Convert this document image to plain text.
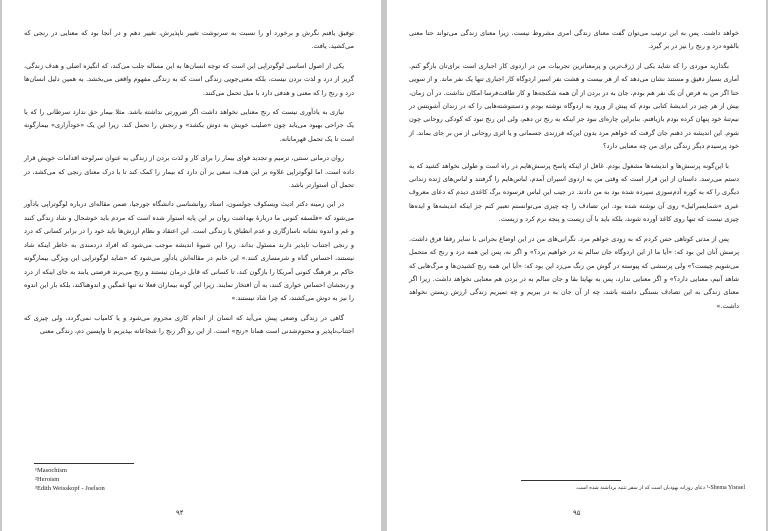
توفیق یافتم نگرش و برخورد او را نسبت به سرنوشت تغییر ناپذیرش، تغییر دهم و در آنجا بود که معنایی در رنجی که می‌کشید، یافت.

یکی از اصول اساسی لوگوتراپی این است که توجه انسان‌ها به این مساله جلب می‌کند، که انگیزه اصلی و هدف زندگی، گریز از درد و لذت بردن نیست، بلکه معنی‌جویی زندگی است که به زندگی مفهوم واقعی می‌بخشد. به همین دلیل انسان‌ها درد و رنج را که معنی و هدفی دارد با میل تحمل می‌کنند.

نیازی به یادآوری نیست که رنج معنایی نخواهد داشت اگر ضرورتی نداشته باشد. مثلا بیمار حق ندارد سرطانی را که با یک جراحی بهبود می‌یابد چون «صلیب خویش به دوش بکشد» و رنجش را تحمل کند. زیرا این یک «خودآزاری» بیمارگونه است تا یک تحمل قهرمانانه.

روان درمانی سنتی، ترمیم و تجدید قوای بیمار را برای کار و لذت بردن از زندگی به عنوان سرلوحه اقدامات خویش قرار داده است. اما لوگوتراپی علاوه بر این هدف، سعی بر آن دارد که بیمار را کمک کند تا با درک معنای رنجی که می‌کشد، در تحمل آن استوارتر باشد.

در این زمینه دکتر ادیث ویسکوف جولسون، استاد روانشناسی دانشگاه جورجیا، ضمن مقاله‌ای درباره لوگوتراپی یادآور می‌شود که «فلسفه کنونی ما دربارهٔ بهداشت روان بر این پایه استوار شده است که مردم باید خوشحال و شاد زندگی کنند و غم و اندوه نشانه ناسازگاری و عدم انطباق با زندگی است. این اعتقاد و نظام ارزش‌ها باید خود را در برابر کسانی که درد و رنجی اجتناب ناپذیر دارند مسئول بداند. زیرا این شیوهٔ اندیشه موجب می‌شود که افراد دردمندی به خاطر اینکه شاد نیستند، احساس گناه و شرمساری کنند.» این خانم در مقاله‌اش یادآور می‌شود که «شاید لوگوتراپی این ویژگی بیمارگونه حاکم بر فرهنگ کنونی آمریکا را بازگون کند، تا کسانی که قابل درمان نیستند و رنج می‌برند فرصتی یابند به جای اینکه از درد و رنجشان احساس خواری کنند، به آن افتخار نمایند. زیرا این گونه بیماران فعلا نه تنها غمگین و اندوهناکند، بلکه بار این اندوه را نیز به دوش می‌کشند، که چرا شاد نیستند.»

گاهی در زندگی وضعی پیش می‌آید که انسان از انجام کاری محروم می‌شود و یا کامیاب نمی‌گردد، ولی چیزی که اجتناب‌ناپذیر و محتوم‌شدنی است همانا «رنج» است. از این رو اگر رنج را شجاعانه بپذیریم تا واپسین دم، زندگی معنی

¹Masochism
²Heroism
³Edith Weisskopf - Joelson
۹۴

خواهد داشت. پس به این ترتیب می‌توان گفت معنای زندگی امری مشروط نیست، زیرا معنای زندگی می‌تواند حتا معنی بالقوه درد و رنج را نیز در بر گیرد.

بگذارید موردی را که شاید یکی از ژرف‌ترین و پرمعناترین تجربیات من در اردوی کار اجباری است برای‌تان بازگو کنم. آماری بسیار دقیق و مستند نشان می‌دهد که از هر بیست و هشت نفر اسیر اردوگاه کار اجباری تنها یک نفر ماند. و از سویی حتا اگر من به فرض آن یک نفر هم بودم، جان به در بردن از آن همه شکنجه‌ها و کار طاقت‌فرسا امکان نداشت. در آن زمان، بیش از هر چیز در اندیشهٔ کتابی بودم که پیش از ورود به اردوگاه نوشته بودم و دستنوشته‌هایی را که در زندان آشویتس در نیم‌تنهٔ خود پنهان کرده بودم بازیافتم. بنابراین چاره‌ای نبود جز اینکه به رنج تن دهم، ولی این رنج نبود که کودکی روحانی چون شوم. این اندیشه در ذهنم جان گرفت که خواهم مرد بدون این‌که فرزندی جسمانی و یا اثری روحانی از من بر جای بماند. از خود پرسیدم دیگر زندگی برای من چه معنایی دارد؟

با این‌گونه پرسش‌ها و اندیشه‌ها مشغول بودم. غافل از اینکه پاسخ پرسش‌هایم در راه است و طولی نخواهد کشید که به دستم می‌رسد. داستان از این قرار است که وقتی من به اردوی اسیران آمدم، لباس‌هایم را گرفتند و لباس‌های ژنده زندانی دیگری را که به کوره آدم‌سوزی سپرده شده بود به من دادند. در جیب این لباس فرسوده برگ کاغذی دیدم که دعای معروف عبری «شما‌یسرائیل» روی آن نوشته شده بود. این تصادف را چه چیزی می‌توانستم تعبیر کنم جز اینکه اندیشه‌ها و ایده‌ها چیزی نیست که تنها روی کاغذ آورده شوند، بلکه باید با آن زیست و پنجه نرم کرد و زیست.

پس از مدتی کوتاهی حس کردم که به زودی خواهم مرد. نگرانی‌های من در این اوضاع بحرانی با سایر رفقا فرق داشت. پرسش آنان این بود که: «آیا ما از این اردوگاه جان سالم به در خواهیم برد؟» و اگر نه، پس این همه درد و رنج که متحمل می‌شویم چیست؟» ولی پرسشی که پیوسته در گوش من زنگ می‌زد این بود که: «آیا این همه رنج کشیدن‌ها و مرگ‌هایی که شاهد آنیم، معنایی دارد؟» و اگر معنایی ندارد، پس به نهایتا بقا و جان سالم به در بردن هم معنایی نخواهد داشت. زیرا اگر معنای زندگی به این تصادف بستگی داشته باشد، چه از آن جان به در ببریم و چه تمیریم زندگی ارزش زیستن نخواهد داشت.»

¹-Shema Yisrael دعای روزانه یهودیان است که از سفر تثنیه برداشته شده است.
۹۵
